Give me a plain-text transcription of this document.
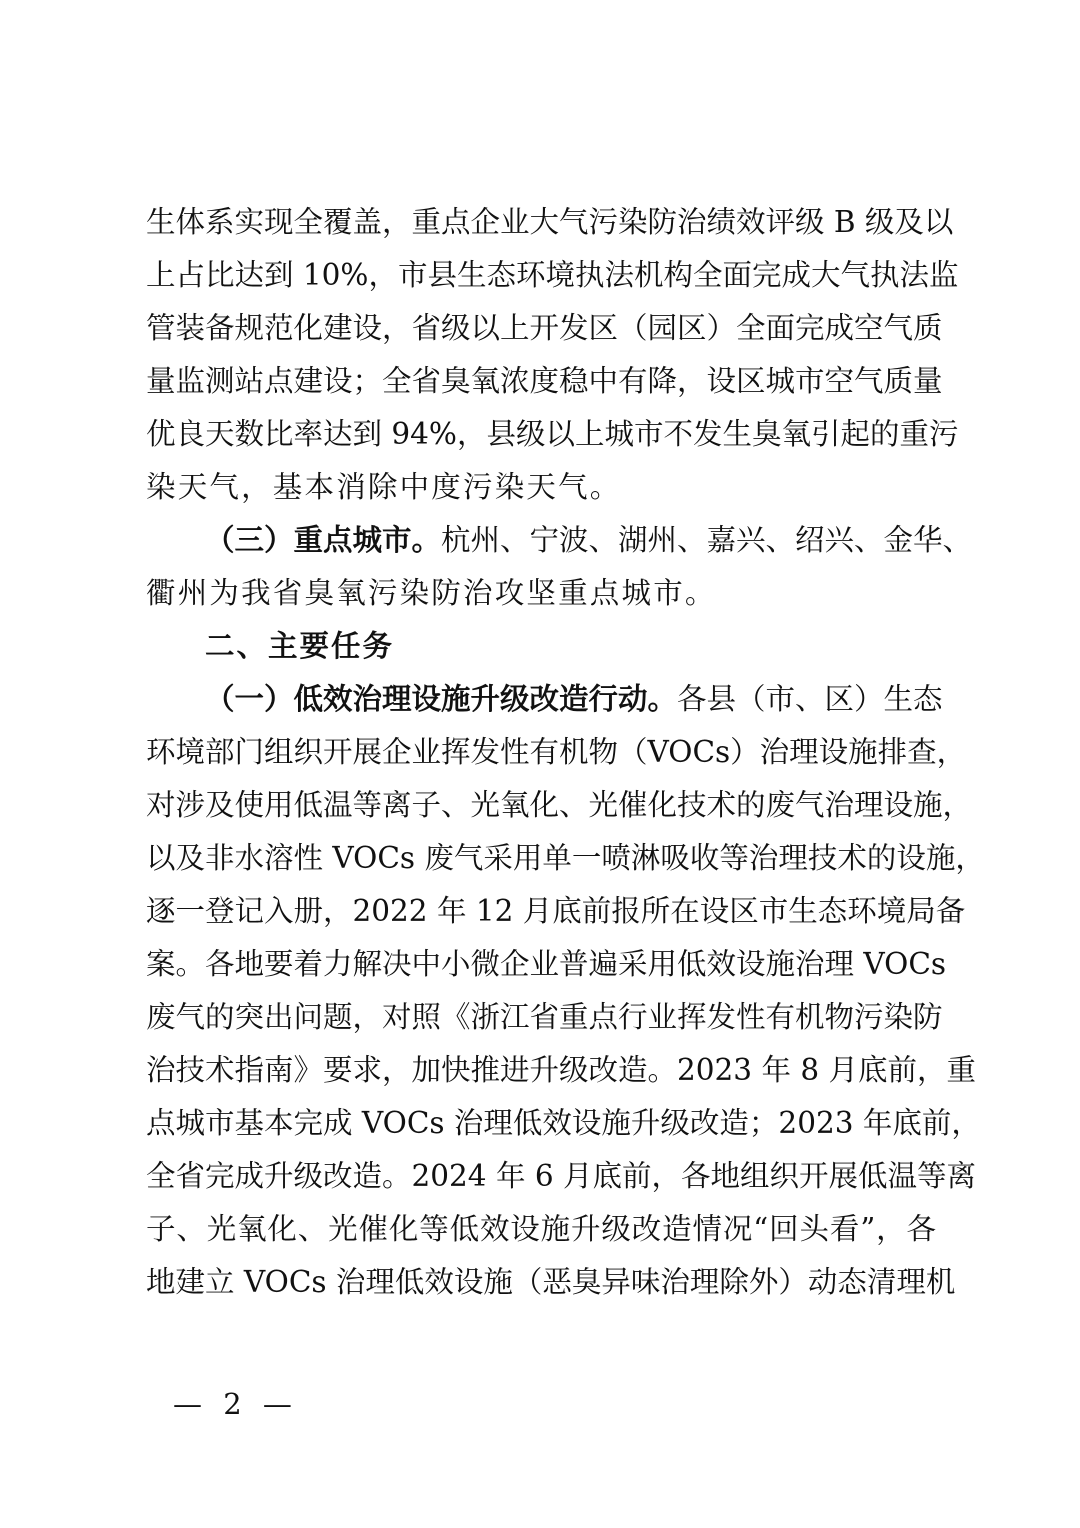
生体系实现全覆盖，重点企业大气污染防治绩效评级 B 级及以
上占比达到 10%，市县生态环境执法机构全面完成大气执法监
管装备规范化建设，省级以上开发区（园区）全面完成空气质
量监测站点建设；全省臭氧浓度稳中有降，设区城市空气质量
优良天数比率达到 94%，县级以上城市不发生臭氧引起的重污
染天气，基本消除中度污染天气。
（三）重点城市。杭州、宁波、湖州、嘉兴、绍兴、金华、
衢州为我省臭氧污染防治攻坚重点城市。
二、主要任务
（一）低效治理设施升级改造行动。各县（市、区）生态
环境部门组织开展企业挥发性有机物（VOCs）治理设施排查，
对涉及使用低温等离子、光氧化、光催化技术的废气治理设施，
以及非水溶性 VOCs 废气采用单一喷淋吸收等治理技术的设施，
逐一登记入册，2022 年 12 月底前报所在设区市生态环境局备
案。各地要着力解决中小微企业普遍采用低效设施治理 VOCs
废气的突出问题，对照《浙江省重点行业挥发性有机物污染防
治技术指南》要求，加快推进升级改造。2023 年 8 月底前，重
点城市基本完成 VOCs 治理低效设施升级改造；2023 年底前，
全省完成升级改造。2024 年 6 月底前，各地组织开展低温等离
子、光氧化、光催化等低效设施升级改造情况“回头看”，各
地建立 VOCs 治理低效设施（恶臭异味治理除外）动态清理机
— 2 —
